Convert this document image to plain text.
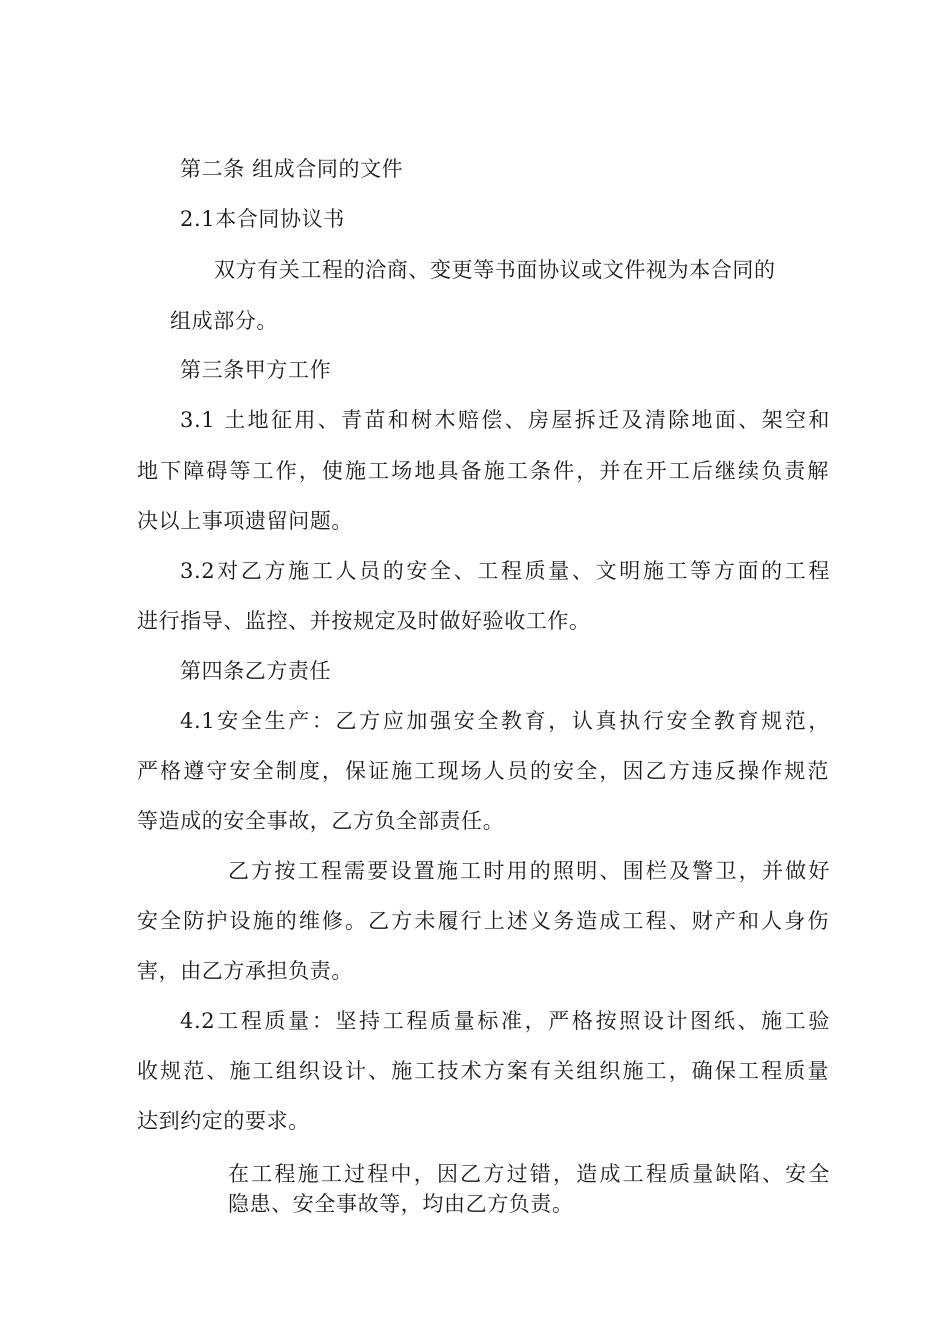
第二条 组成合同的文件
2.1本合同协议书
双方有关工程的洽商、变更等书面协议或文件视为本合同的
组成部分。
第三条甲方工作
3.1 土地征用、青苗和树木赔偿、房屋拆迁及清除地面、架空和
地下障碍等工作，使施工场地具备施工条件，并在开工后继续负责解
决以上事项遗留问题。
3.2对乙方施工人员的安全、工程质量、文明施工等方面的工程
进行指导、监控、并按规定及时做好验收工作。
第四条乙方责任
4.1安全生产：乙方应加强安全教育，认真执行安全教育规范，
严格遵守安全制度，保证施工现场人员的安全，因乙方违反操作规范
等造成的安全事故，乙方负全部责任。
乙方按工程需要设置施工时用的照明、围栏及警卫，并做好
安全防护设施的维修。乙方未履行上述义务造成工程、财产和人身伤
害，由乙方承担负责。
4.2工程质量：坚持工程质量标准，严格按照设计图纸、施工验
收规范、施工组织设计、施工技术方案有关组织施工，确保工程质量
达到约定的要求。
在工程施工过程中，因乙方过错，造成工程质量缺陷、安全
隐患、安全事故等，均由乙方负责。
